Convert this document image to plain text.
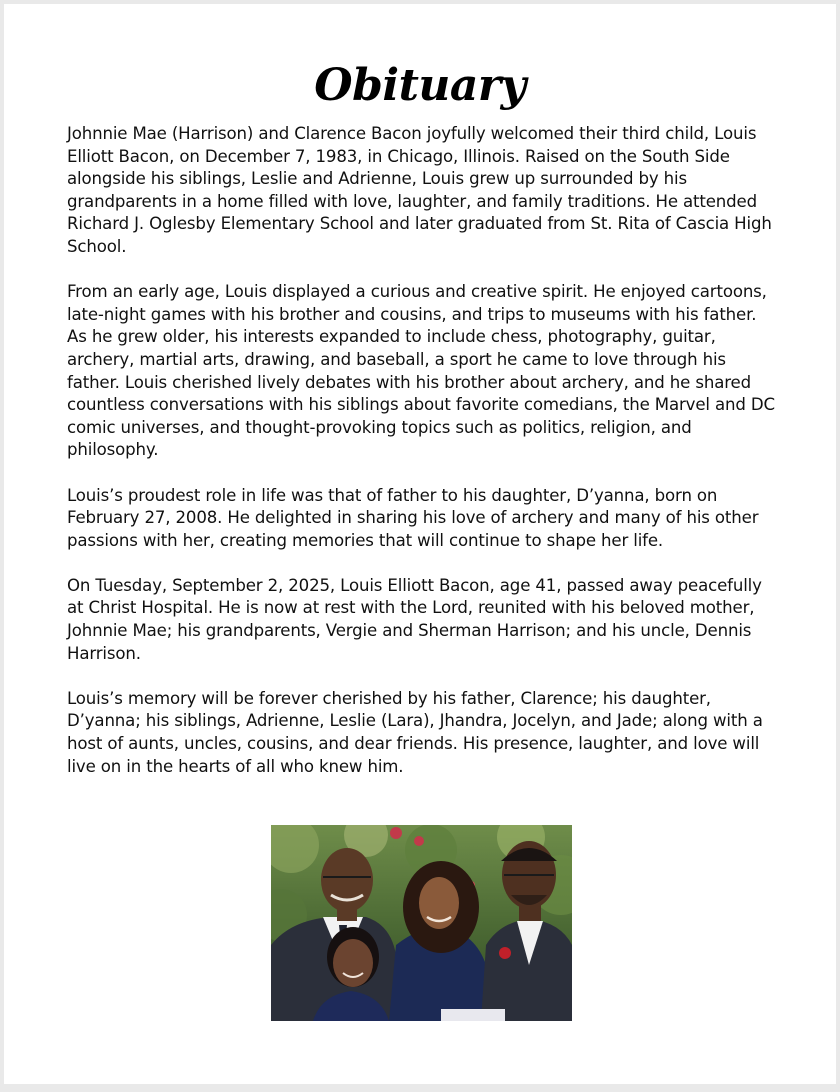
Obituary

Johnnie Mae (Harrison) and Clarence Bacon joyfully welcomed their third child, Louis Elliott Bacon, on December 7, 1983, in Chicago, Illinois. Raised on the South Side alongside his siblings, Leslie and Adrienne, Louis grew up surrounded by his grandparents in a home filled with love, laughter, and family traditions. He attended Richard J. Oglesby Elementary School and later graduated from St. Rita of Cascia High School.

From an early age, Louis displayed a curious and creative spirit. He enjoyed cartoons, late-night games with his brother and cousins, and trips to museums with his father. As he grew older, his interests expanded to include chess, photography, guitar, archery, martial arts, drawing, and baseball, a sport he came to love through his father. Louis cherished lively debates with his brother about archery, and he shared countless conversations with his siblings about favorite comedians, the Marvel and DC comic universes, and thought-provoking topics such as politics, religion, and philosophy.

Louis’s proudest role in life was that of father to his daughter, D’yanna, born on February 27, 2008. He delighted in sharing his love of archery and many of his other passions with her, creating memories that will continue to shape her life.

On Tuesday, September 2, 2025, Louis Elliott Bacon, age 41, passed away peacefully at Christ Hospital. He is now at rest with the Lord, reunited with his beloved mother, Johnnie Mae; his grandparents, Vergie and Sherman Harrison; and his uncle, Dennis Harrison.

Louis’s memory will be forever cherished by his father, Clarence; his daughter, D’yanna; his siblings, Adrienne, Leslie (Lara), Jhandra, Jocelyn, and Jade; along with a host of aunts, uncles, cousins, and dear friends. His presence, laughter, and love will live on in the hearts of all who knew him.
